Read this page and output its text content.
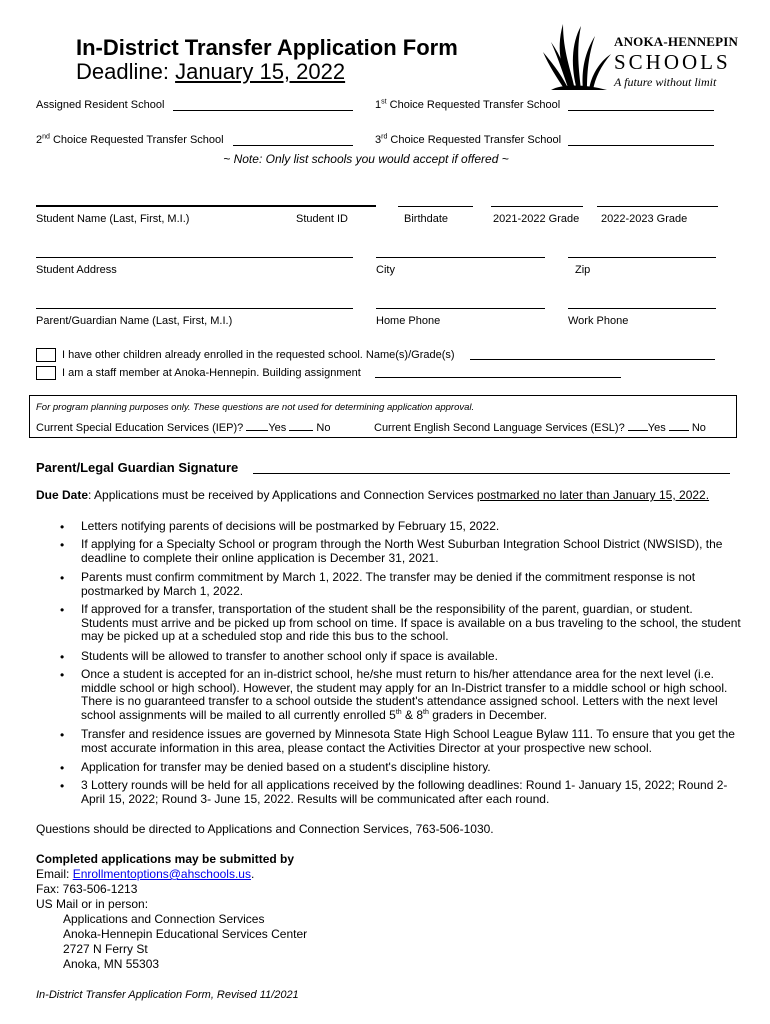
In-District Transfer Application Form
Deadline: January 15, 2022
ANOKA-HENNEPIN
SCHOOLS
A future without limit
Assigned Resident School	1st Choice Requested Transfer School
2nd Choice Requested Transfer School	3rd Choice Requested Transfer School
~ Note: Only list schools you would accept if offered ~
Student Name (Last, First, M.I.)	Student ID	Birthdate	2021-2022 Grade 2022-2023 Grade
Student Address	City	Zip
Parent/Guardian Name (Last, First, M.I.)	Home Phone	Work Phone
I have other children already enrolled in the requested school. Name(s)/Grade(s)
I am a staff member at Anoka-Hennepin. Building assignment
For program planning purposes only. These questions are not used for determining application approval.
Current Special Education Services (IEP)? Yes	No	Current English Second Language Services (ESL)? Yes No
Parent/Legal Guardian Signature
Due Date: Applications must be received by Applications and Connection Services postmarked no later than January 15, 2022.
• Letters notifying parents of decisions will be postmarked by February 15, 2022.
• If applying for a Specialty School or program through the North West Suburban Integration School District (NWSISD), the deadline to complete their online application is December 31, 2021.
• Parents must confirm commitment by March 1, 2022. The transfer may be denied if the commitment response is not postmarked by March 1, 2022.
• If approved for a transfer, transportation of the student shall be the responsibility of the parent, guardian, or student. Students must arrive and be picked up from school on time. If space is available on a bus traveling to the school, the student may be picked up at a scheduled stop and ride this bus to the school.
• Students will be allowed to transfer to another school only if space is available.
• Once a student is accepted for an in-district school, he/she must return to his/her attendance area for the next level (i.e. middle school or high school). However, the student may apply for an In-District transfer to a middle school or high school. There is no guaranteed transfer to a school outside the student's attendance assigned school. Letters with the next level school assignments will be mailed to all currently enrolled 5th & 8th graders in December.
• Transfer and residence issues are governed by Minnesota State High School League Bylaw 111. To ensure that you get the most accurate information in this area, please contact the Activities Director at your prospective new school.
• Application for transfer may be denied based on a student's discipline history.
• 3 Lottery rounds will be held for all applications received by the following deadlines: Round 1- January 15, 2022; Round 2- April 15, 2022; Round 3- June 15, 2022. Results will be communicated after each round.
Questions should be directed to Applications and Connection Services, 763-506-1030.
Completed applications may be submitted by
Email: Enrollmentoptions@ahschools.us.
Fax: 763-506-1213
US Mail or in person:
Applications and Connection Services
Anoka-Hennepin Educational Services Center
2727 N Ferry St
Anoka, MN 55303
In-District Transfer Application Form, Revised 11/2021
